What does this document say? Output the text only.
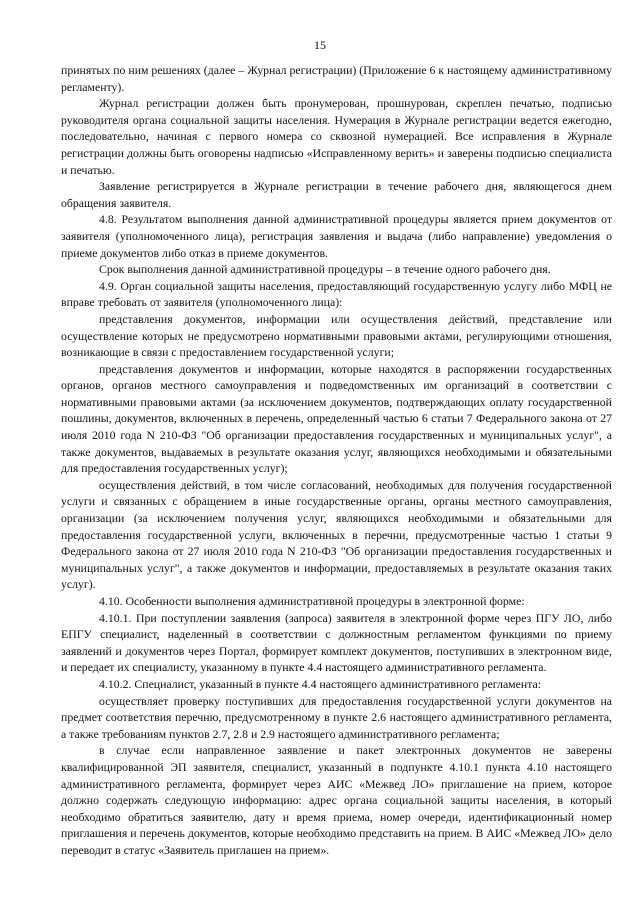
15

принятых по ним решениях (далее – Журнал регистрации) (Приложение 6 к настоящему административному регламенту).

Журнал регистрации должен быть пронумерован, прошнурован, скреплен печатью, подписью руководителя органа социальной защиты населения. Нумерация в Журнале регистрации ведется ежегодно, последовательно, начиная с первого номера со сквозной нумерацией. Все исправления в Журнале регистрации должны быть оговорены надписью «Исправленному верить» и заверены подписью специалиста и печатью.

Заявление регистрируется в Журнале регистрации в течение рабочего дня, являющегося днем обращения заявителя.

4.8. Результатом выполнения данной административной процедуры является прием документов от заявителя (уполномоченного лица), регистрация заявления и выдача (либо направление) уведомления о приеме документов либо отказ в приеме документов.

Срок выполнения данной административной процедуры – в течение одного рабочего дня.

4.9. Орган социальной защиты населения, предоставляющий государственную услугу либо МФЦ не вправе требовать от заявителя (уполномоченного лица):

представления документов, информации или осуществления действий, представление или осуществление которых не предусмотрено нормативными правовыми актами, регулирующими отношения, возникающие в связи с предоставлением государственной услуги;

представления документов и информации, которые находятся в распоряжении государственных органов, органов местного самоуправления и подведомственных им организаций в соответствии с нормативными правовыми актами (за исключением документов, подтверждающих оплату государственной пошлины, документов, включенных в перечень, определенный частью 6 статьи 7 Федерального закона от 27 июля 2010 года N 210-ФЗ "Об организации предоставления государственных и муниципальных услуг", а также документов, выдаваемых в результате оказания услуг, являющихся необходимыми и обязательными для предоставления государственных услуг);

осуществления действий, в том числе согласований, необходимых для получения государственной услуги и связанных с обращением в иные государственные органы, органы местного самоуправления, организации (за исключением получения услуг, являющихся необходимыми и обязательными для предоставления государственной услуги, включенных в перечни, предусмотренные частью 1 статьи 9 Федерального закона от 27 июля 2010 года N 210-ФЗ "Об организации предоставления государственных и муниципальных услуг", а также документов и информации, предоставляемых в результате оказания таких услуг).

4.10. Особенности выполнения административной процедуры в электронной форме:

4.10.1. При поступлении заявления (запроса) заявителя в электронной форме через ПГУ ЛО, либо ЕПГУ специалист, наделенный в соответствии с должностным регламентом функциями по приему заявлений и документов через Портал, формирует комплект документов, поступивших в электронном виде, и передает их специалисту, указанному в пункте 4.4 настоящего административного регламента.

4.10.2. Специалист, указанный в пункте 4.4 настоящего административного регламента:

осуществляет проверку поступивших для предоставления государственной услуги документов на предмет соответствия перечню, предусмотренному в пункте 2.6 настоящего административного регламента, а также требованиям пунктов 2.7, 2.8 и 2.9 настоящего административного регламента;

в случае если направленное заявление и пакет электронных документов не заверены квалифицированной ЭП заявителя, специалист, указанный в подпункте 4.10.1 пункта 4.10 настоящего административного регламента, формирует через АИС «Межвед ЛО» приглашение на прием, которое должно содержать следующую информацию: адрес органа социальной защиты населения, в который необходимо обратиться заявителю, дату и время приема, номер очереди, идентификационный номер приглашения и перечень документов, которые необходимо представить на прием. В АИС «Межвед ЛО» дело переводит в статус «Заявитель приглашен на прием».
